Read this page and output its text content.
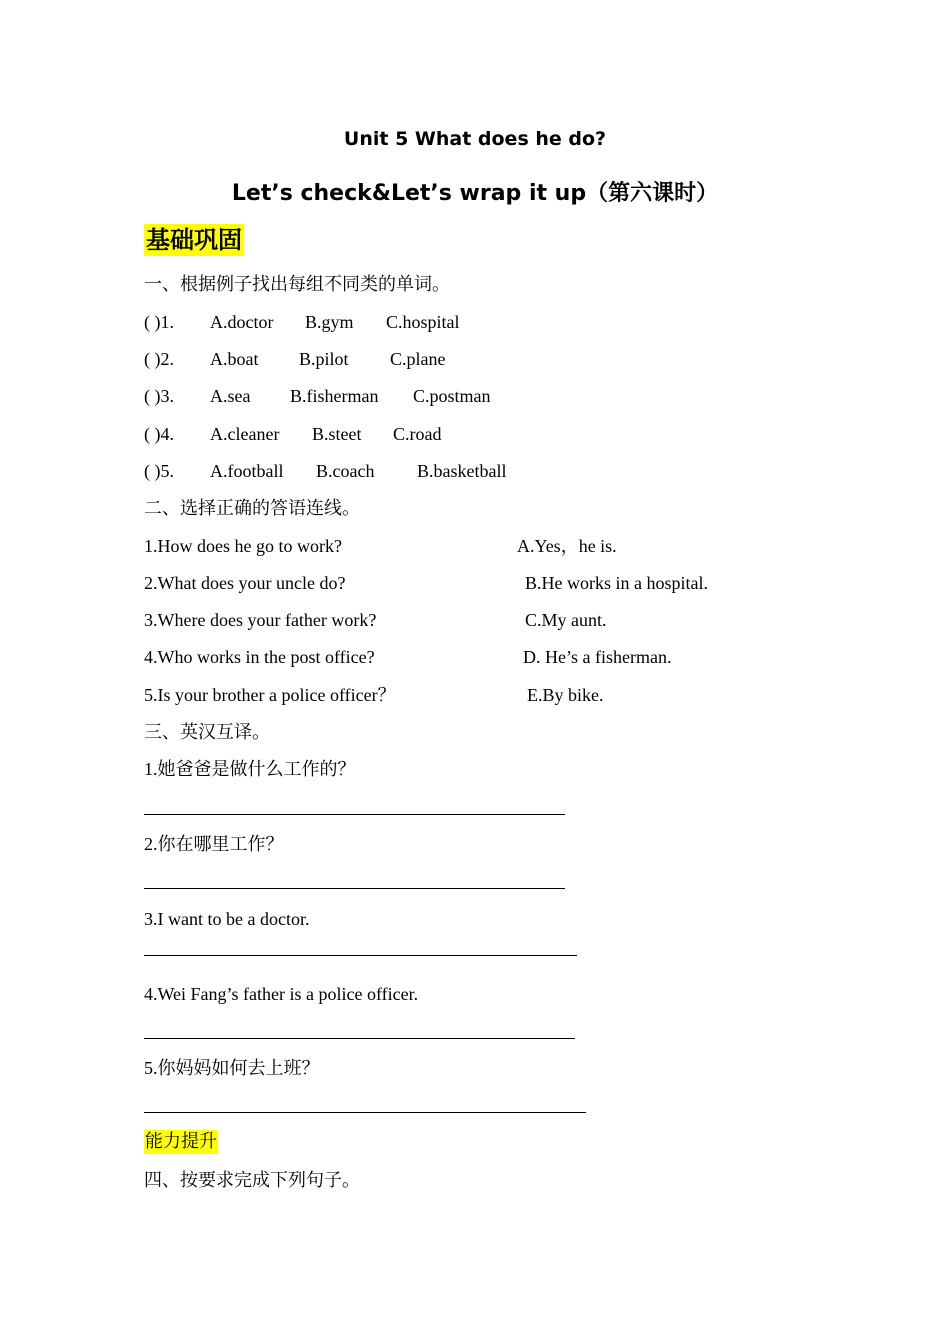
Unit 5 What does he do?
Let’s check&Let’s wrap it up（第六课时）
基础巩固
一、根据例子找出每组不同类的单词。
( )1. A.doctor B.gym C.hospital
( )2. A.boat B.pilot C.plane
( )3. A.sea B.fisherman C.postman
( )4. A.cleaner B.steet C.road
( )5. A.football B.coach B.basketball
二、选择正确的答语连线。
1.How does he go to work?
2.What does your uncle do?
3.Where does your father work?
4.Who works in the post office?
5.Is your brother a police officer？
A.Yes，he is.
B.He works in a hospital.
C.My aunt.
D. He’s a fisherman.
E.By bike.
三、英汉互译。
1.她爸爸是做什么工作的？
2.你在哪里工作？
3.I want to be a doctor.
4.Wei Fang’s father is a police officer.
5.你妈妈如何去上班？
能力提升
四、按要求完成下列句子。
